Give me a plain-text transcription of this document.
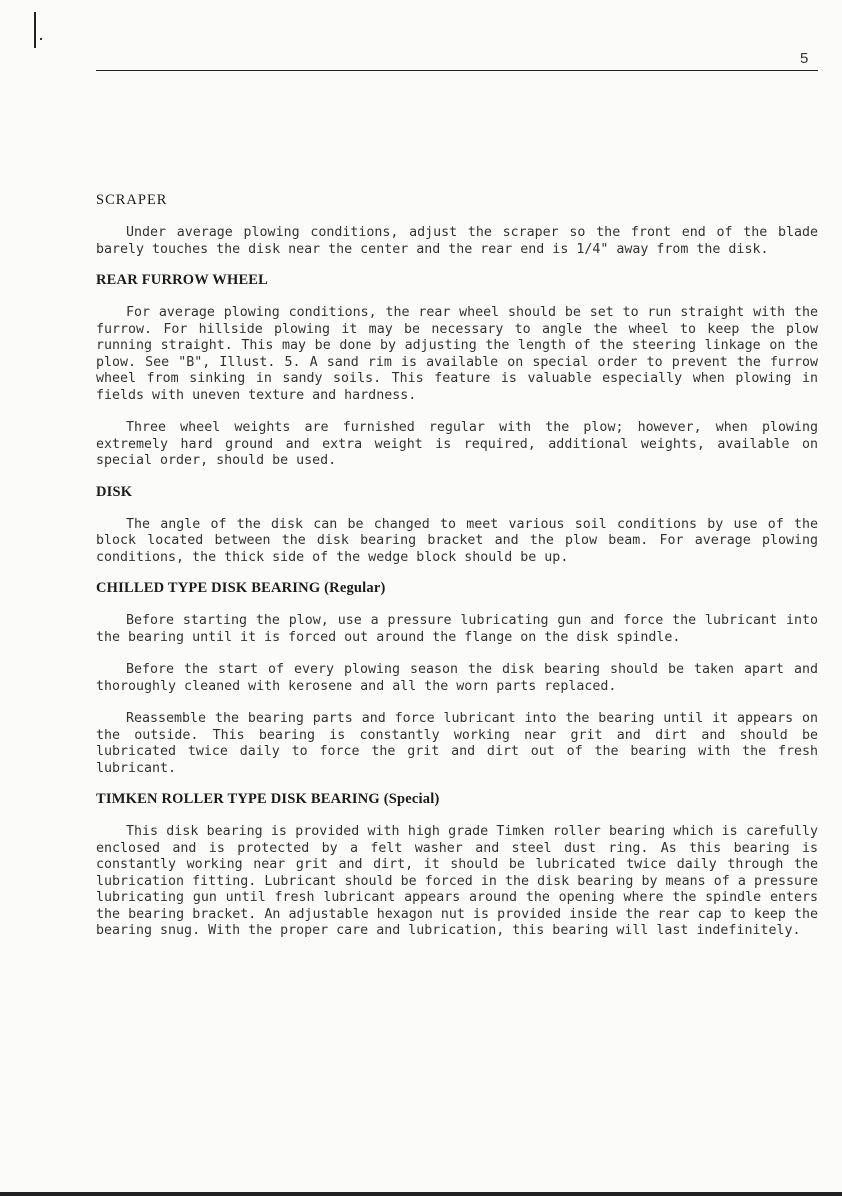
5
SCRAPER

Under average plowing conditions, adjust the scraper so the front end of the blade barely touches the disk near the center and the rear end is 1/4" away from the disk.

REAR FURROW WHEEL

For average plowing conditions, the rear wheel should be set to run straight with the furrow. For hillside plowing it may be necessary to angle the wheel to keep the plow running straight. This may be done by adjusting the length of the steering linkage on the plow. See "B", Illust. 5. A sand rim is available on special order to prevent the furrow wheel from sinking in sandy soils. This feature is valuable especially when plowing in fields with uneven texture and hardness.

Three wheel weights are furnished regular with the plow; however, when plowing extremely hard ground and extra weight is required, additional weights, available on special order, should be used.

DISK

The angle of the disk can be changed to meet various soil conditions by use of the block located between the disk bearing bracket and the plow beam. For average plowing conditions, the thick side of the wedge block should be up.

CHILLED TYPE DISK BEARING (Regular)

Before starting the plow, use a pressure lubricating gun and force the lubricant into the bearing until it is forced out around the flange on the disk spindle.

Before the start of every plowing season the disk bearing should be taken apart and thoroughly cleaned with kerosene and all the worn parts replaced.

Reassemble the bearing parts and force lubricant into the bearing until it appears on the outside. This bearing is constantly working near grit and dirt and should be lubricated twice daily to force the grit and dirt out of the bearing with the fresh lubricant.

TIMKEN ROLLER TYPE DISK BEARING (Special)

This disk bearing is provided with high grade Timken roller bearing which is carefully enclosed and is protected by a felt washer and steel dust ring. As this bearing is constantly working near grit and dirt, it should be lubricated twice daily through the lubrication fitting. Lubricant should be forced in the disk bearing by means of a pressure lubricating gun until fresh lubricant appears around the opening where the spindle enters the bearing bracket. An adjustable hexagon nut is provided inside the rear cap to keep the bearing snug. With the proper care and lubrication, this bearing will last indefinitely.
